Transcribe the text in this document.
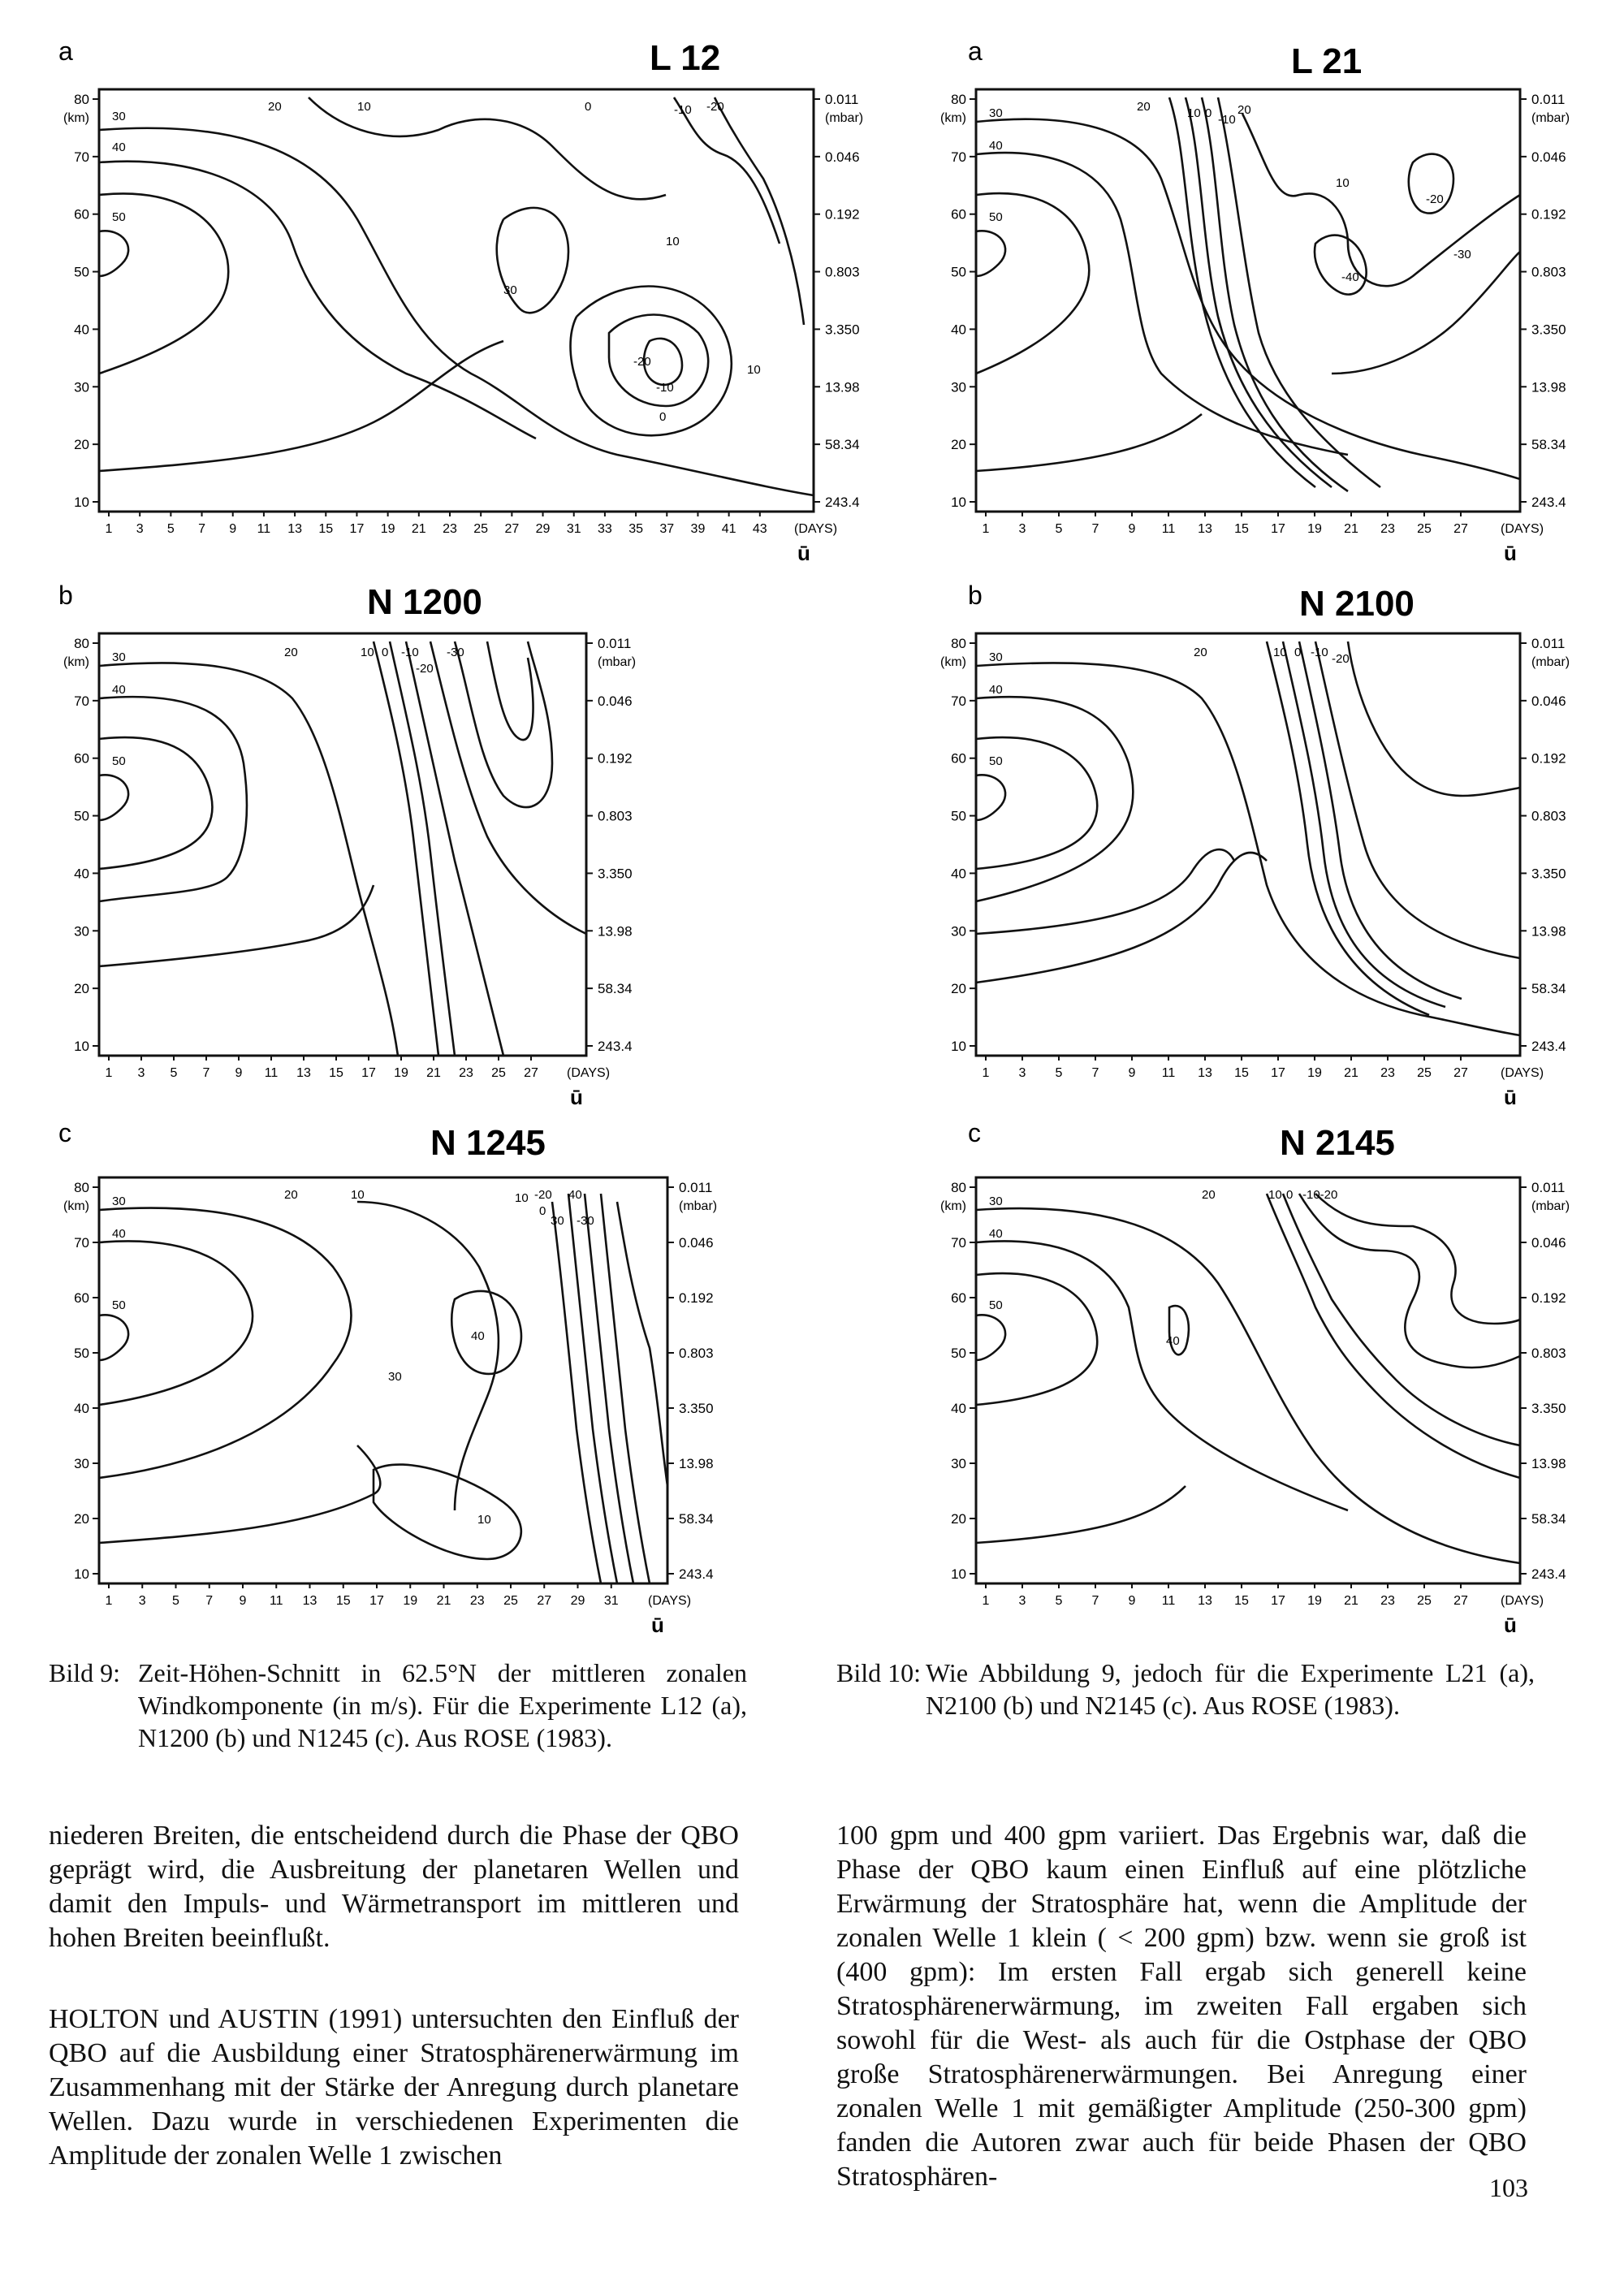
a	L 12
80
70
60
50
40
30
20
10
(km)
0.011
0.046
0.192
0.803
3.350
13.98
58.34
243.4
(mbar)
1 3 5 7 9 11 13 15 17 19 21 23 25 27 29 31 33 35 37 39 41 43 (DAYS)
ū
30
40
50
20	10	0	-10 -20
10
30
-20
-10
0
10
a	L 21
80
70
60
50
40
30
20
10
(km)
0.011
0.046
0.192
0.803
3.350
13.98
58.34
243.4
(mbar)
1 3 5 7 9 11 13 15 17 19 21 23 25 27	(DAYS)
ū
30
40
50
20	10 0 -10
20
10
-20
-30
-40
b	N 1200
80
70
60
50
40
30
20
10
(km)
0.011
0.046
0.192
0.803
3.350
13.98
58.34
243.4
(mbar)
1 3 5 7 9 11 13 15 17 19 21 23 25 27 (DAYS)
ū
30
40
50
20	10 0 -10 -30
-20
b	N 2100
80
70
60
50
40
30
20
10
(km)
0.011
0.046
0.192
0.803
3.350
13.98
58.34
243.4
(mbar)
1 3 5 7 9 11 13 15 17 19 21 23 25 27	(DAYS)
ū
30
40
50
20	10 0 -10 -20
c	N 1245
80
70
60
50
40
30
20
10
(km)
0.011
0.046
0.192
0.803
3.350
13.98
58.34
243.4
(mbar)
1 3 5 7 9 11 13 15 17 19 21 23 25 27 29 31 (DAYS)
ū
30
40
50
20	10	10 -20 40
0
30 -30
40
30
10
c	N 2145
80
70
60
50
40
30
20
10
(km)
0.011
0.046
0.192
0.803
3.350
13.98
58.34
243.4
(mbar)
1 3 5 7 9 11 13 15 17 19 21 23 25 27	(DAYS)
ū
30
40
50
20	10 0 -10-20
40
Bild 9: Zeit-Höhen-Schnitt in 62.5°N der mittleren zonalen Windkomponente (in m/s). Für die Experimente L12 (a), N1200 (b) und N1245 (c). Aus ROSE (1983).
Bild 10: Wie Abbildung 9, jedoch für die Experimente L21 (a), N2100 (b) und N2145 (c). Aus ROSE (1983).

niederen Breiten, die entscheidend durch die Phase der QBO geprägt wird, die Ausbreitung der planetaren Wellen und damit den Impuls- und Wärmetransport im mittleren und hohen Breiten beeinflußt.

HOLTON und AUSTIN (1991) untersuchten den Einfluß der QBO auf die Ausbildung einer Stratosphärenerwärmung im Zusammenhang mit der Stärke der Anregung durch planetare Wellen. Dazu wurde in verschiedenen Experimenten die Amplitude der zonalen Welle 1 zwischen

100 gpm und 400 gpm variiert. Das Ergebnis war, daß die Phase der QBO kaum einen Einfluß auf eine plötzliche Erwärmung der Stratosphäre hat, wenn die Amplitude der zonalen Welle 1 klein ( < 200 gpm) bzw. wenn sie groß ist (400 gpm): Im ersten Fall ergab sich generell keine Stratosphärenerwärmung, im zweiten Fall ergaben sich sowohl für die West- als auch für die Ostphase der QBO große Stratosphärenerwärmungen. Bei Anregung einer zonalen Welle 1 mit gemäßigter Amplitude (250-300 gpm) fanden die Autoren zwar auch für beide Phasen der QBO Stratosphären-	103
